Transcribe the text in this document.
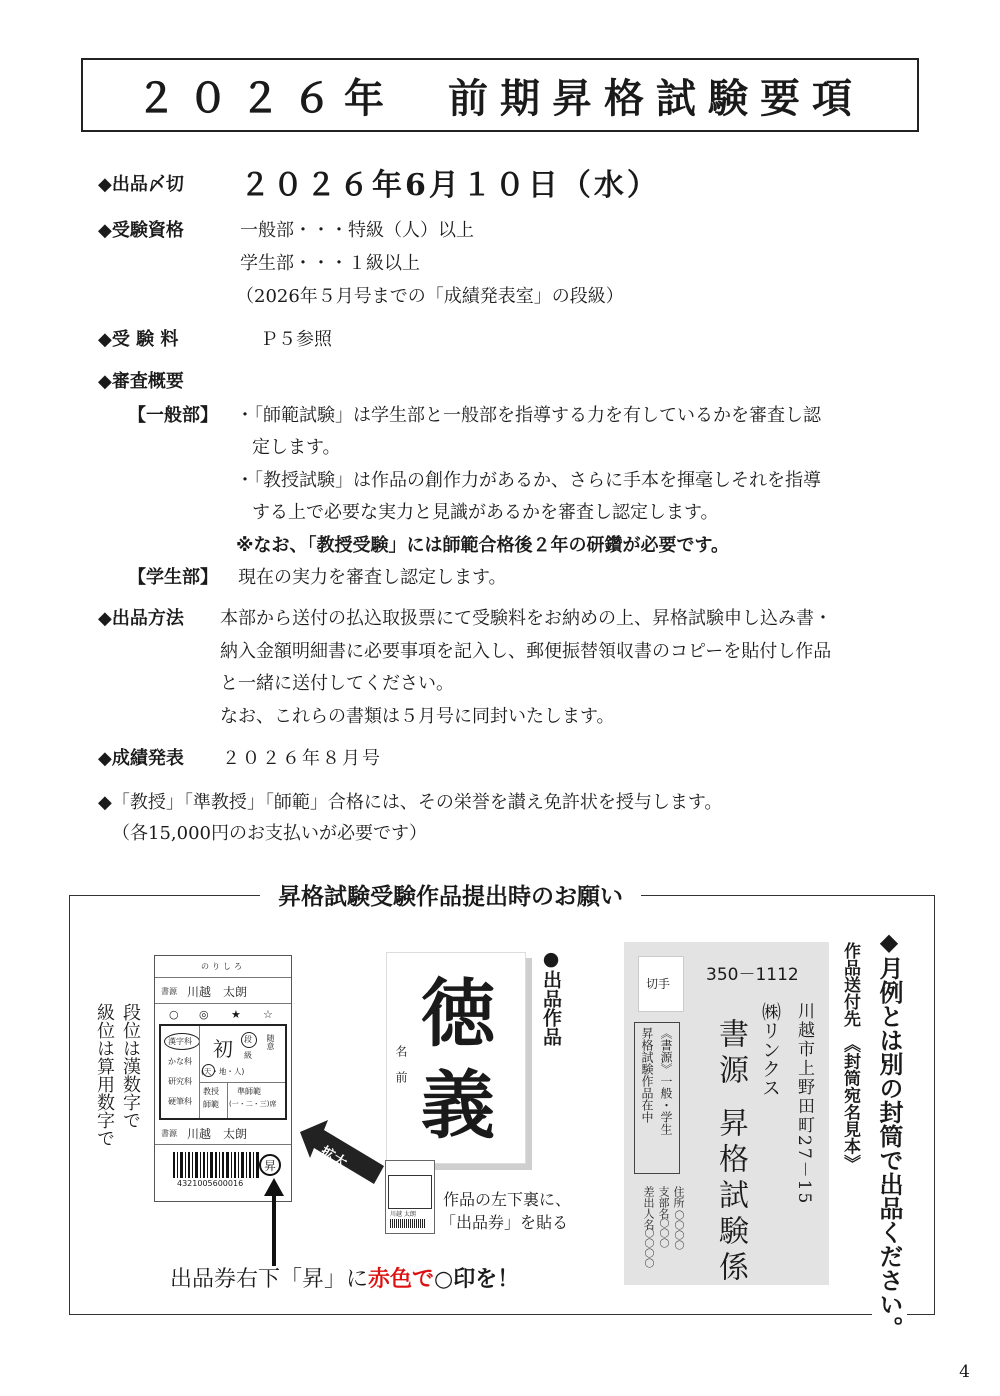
２０２６年　前期昇格試験要項
◆出品〆切 ２０２６年6月１０日（水）
◆受験資格	一般部・・・特級（人）以上
学生部・・・１級以上
（2026年５月号までの「成績発表室」の段級）
◆受 験 料	Ｐ５参照
◆審査概要
【一般部】 ・「師範試験」は学生部と一般部を指導する力を有しているかを審査し認
定します。
・「教授試験」は作品の創作力があるか、さらに手本を揮毫しそれを指導
する上で必要な実力と見識があるかを審査し認定します。
※なお、「教授受験」には師範合格後２年の研鑽が必要です。
【学生部】 現在の実力を審査し認定します。
◆出品方法 本部から送付の払込取扱票にて受験料をお納めの上、昇格試験申し込み書・
納入金額明細書に必要事項を記入し、郵便振替領収書のコピーを貼付し作品
と一緒に送付してください。
なお、これらの書類は５月号に同封いたします。
◆成績発表 ２０２６年８月号
◆「教授」「準教授」「師範」合格には、その栄誉を讃え免許状を授与します。
（各15,000円のお支払いが必要です）
昇格試験受験作品提出時のお願い
段位は漢数字で
級位は算用数字で
のりしろ
書源 川越　太朗
○ ◎ ★ ☆
漢字科
かな科
研究科
硬筆科
初 段
級
(天・地・人)
随意
教授
師範
準師範
(一・二・三)席
書源 川越　太朗
4321005600016
昇	拡大
出品券右下「昇」に赤色で○印を！
徳
義
名前
●出品作品
川越 太朗
作品の左下裏に、
「出品券」を貼る
切手 350－1112
川越市上野田町27－15
㈱リンクス
書源
昇格試験係
《書源》一般・学生
昇格試験作品在中
住所
支部名
差出人名 〇〇〇〇
〇〇〇
〇〇〇〇
作品送付先　《封筒宛名見本》 ◆月例とは別の封筒で出品ください。
4
